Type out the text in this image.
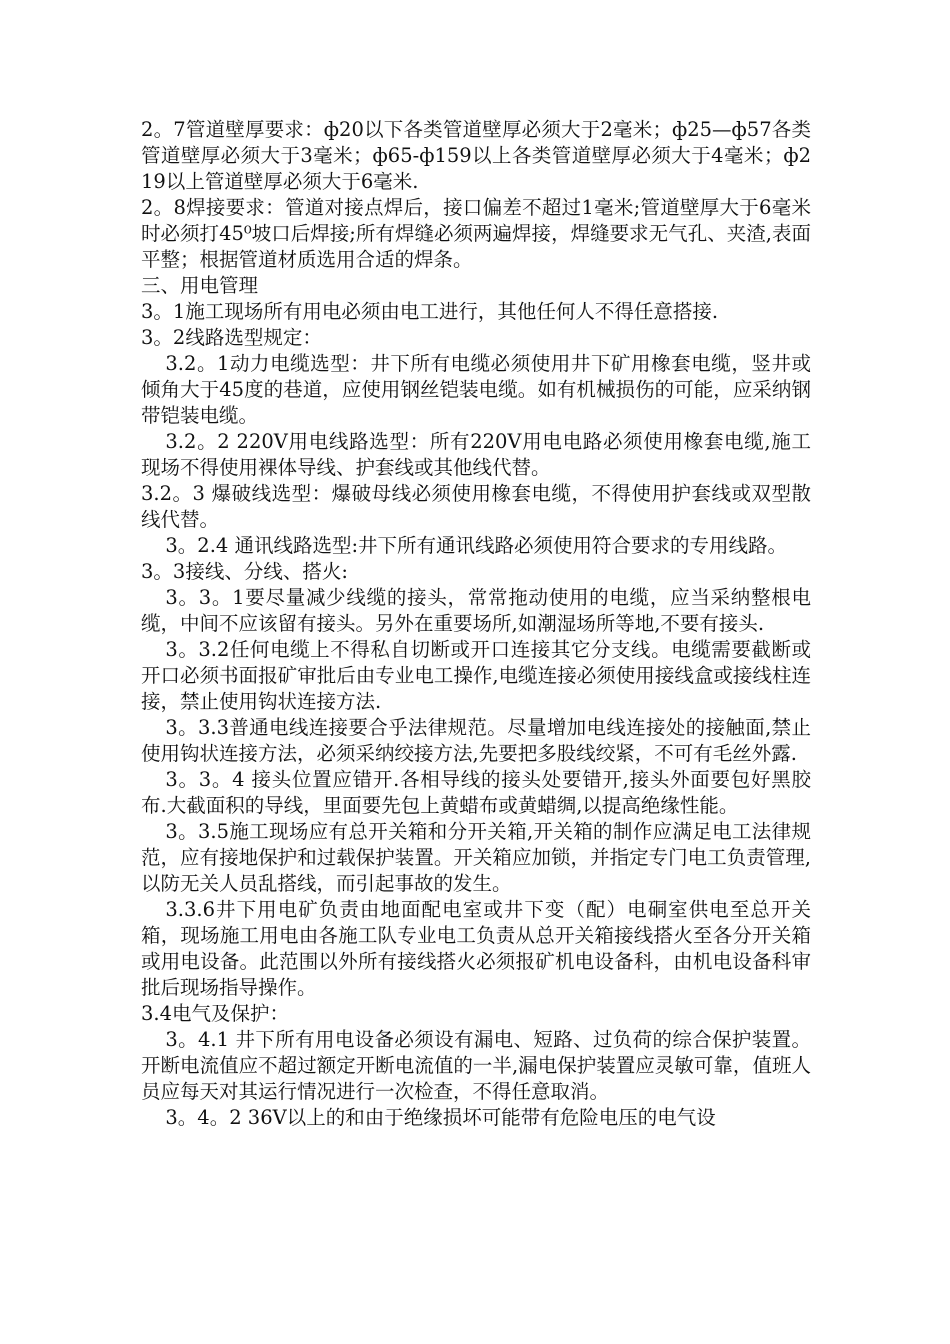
2。7管道壁厚要求：ф20以下各类管道壁厚必须大于2毫米；ф25—ф57各类管道壁厚必须大于3毫米；ф65-ф159以上各类管道壁厚必须大于4毫米；ф219以上管道壁厚必须大于6毫米.

2。8焊接要求：管道对接点焊后，接口偏差不超过1毫米;管道壁厚大于6毫米时必须打45⁰坡口后焊接;所有焊缝必须两遍焊接，焊缝要求无气孔、夹渣,表面平整；根据管道材质选用合适的焊条。

三、用电管理

3。1施工现场所有用电必须由电工进行，其他任何人不得任意搭接.

3。2线路选型规定：

3.2。1动力电缆选型：井下所有电缆必须使用井下矿用橡套电缆，竖井或倾角大于45度的巷道，应使用钢丝铠装电缆。如有机械损伤的可能，应采纳钢带铠装电缆。

3.2。2 220V用电线路选型：所有220V用电电路必须使用橡套电缆,施工现场不得使用裸体导线、护套线或其他线代替。

3.2。3 爆破线选型：爆破母线必须使用橡套电缆，不得使用护套线或双型散线代替。

3。2.4 通讯线路选型:井下所有通讯线路必须使用符合要求的专用线路。

3。3接线、分线、搭火:

3。3。1要尽量减少线缆的接头，常常拖动使用的电缆，应当采纳整根电缆，中间不应该留有接头。另外在重要场所,如潮湿场所等地,不要有接头.

3。3.2任何电缆上不得私自切断或开口连接其它分支线。电缆需要截断或开口必须书面报矿审批后由专业电工操作,电缆连接必须使用接线盒或接线柱连接，禁止使用钩状连接方法.

3。3.3普通电线连接要合乎法律规范。尽量增加电线连接处的接触面,禁止使用钩状连接方法，必须采纳绞接方法,先要把多股线绞紧，不可有毛丝外露.

3。3。4 接头位置应错开.各相导线的接头处要错开,接头外面要包好黑胶布.大截面积的导线，里面要先包上黄蜡布或黄蜡绸,以提高绝缘性能。

3。3.5施工现场应有总开关箱和分开关箱,开关箱的制作应满足电工法律规范，应有接地保护和过载保护装置。开关箱应加锁，并指定专门电工负责管理,以防无关人员乱搭线，而引起事故的发生。

3.3.6井下用电矿负责由地面配电室或井下变（配）电硐室供电至总开关箱，现场施工用电由各施工队专业电工负责从总开关箱接线搭火至各分开关箱或用电设备。此范围以外所有接线搭火必须报矿机电设备科，由机电设备科审批后现场指导操作。

3.4电气及保护：

3。4.1 井下所有用电设备必须设有漏电、短路、过负荷的综合保护装置。开断电流值应不超过额定开断电流值的一半,漏电保护装置应灵敏可靠，值班人员应每天对其运行情况进行一次检查，不得任意取消。

3。4。2 36V以上的和由于绝缘损坏可能带有危险电压的电气设
